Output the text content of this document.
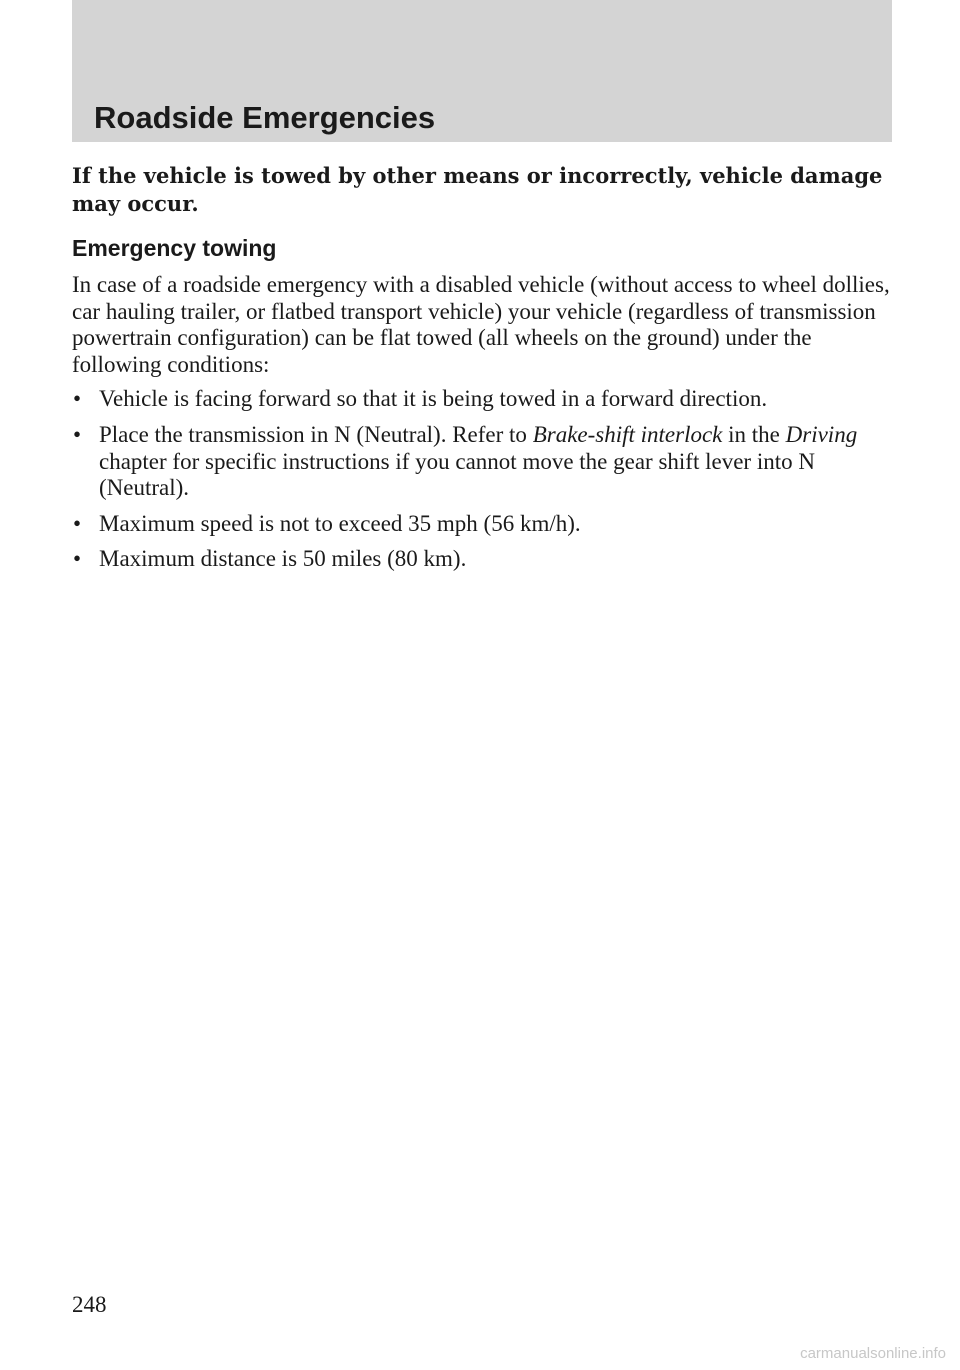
Roadside Emergencies

If the vehicle is towed by other means or incorrectly, vehicle damage may occur.

Emergency towing

In case of a roadside emergency with a disabled vehicle (without access to wheel dollies, car hauling trailer, or flatbed transport vehicle) your vehicle (regardless of transmission powertrain configuration) can be flat towed (all wheels on the ground) under the following conditions:

• Vehicle is facing forward so that it is being towed in a forward direction.
• Place the transmission in N (Neutral). Refer to Brake-shift interlock in the Driving chapter for specific instructions if you cannot move the gear shift lever into N (Neutral).
• Maximum speed is not to exceed 35 mph (56 km/h).
• Maximum distance is 50 miles (80 km).

248

carmanualsonline.info
